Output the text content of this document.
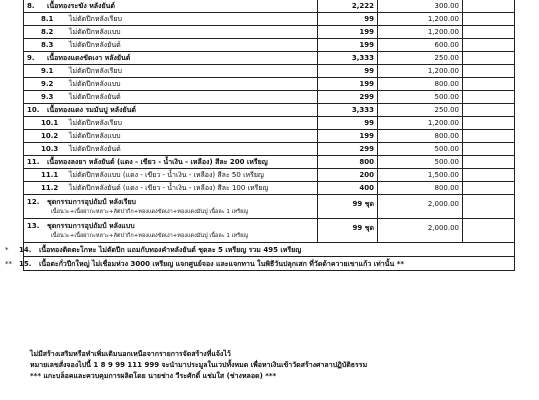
8. เนื้อทองระฆัง หลังยันต์	2,222	300.00	
8.1 ไม่ตัดปีกหลังเรียบ	99	1,200.00	
8.2 ไม่ตัดปีกหลังแบบ	199	1,200.00	
8.3 ไม่ตัดปีกหลังยันต์	199	600.00	
9. เนื้อทองแดงขัดเงา หลังยันต์	3,333	250.00	
9.1 ไม่ตัดปีกหลังเรียบ	99	1,200.00	
9.2 ไม่ตัดปีกหลังแบบ	199	800.00	
9.3 ไม่ตัดปีกหลังยันต์	299	500.00	
10. เนื้อทองแดง รมมันปู หลังยันต์	3,333	250.00	
10.1 ไม่ตัดปีกหลังเรียบ	99	1,200.00	
10.2 ไม่ตัดปีกหลังแบบ	199	800.00	
10.3 ไม่ตัดปีกหลังยันต์	299	500.00	
11. เนื้อทองลงยา หลังยันต์ (แดง - เขียว - น้ำเงิน - เหลือง) สีละ 200 เหรียญ	800	500.00	
11.1 ไม่ตัดปีกหลังแบบ (แดง - เขียว - น้ำเงิน - เหลือง) สีละ 50 เหรียญ	200	1,500.00	
11.2 ไม่ตัดปีกหลังยันต์ (แดง - เขียว - น้ำเงิน - เหลือง) สีละ 100 เหรียญ	400	800.00	
12. ชุดกรรมการอุปถัมป์ หลังเรียบ
เนื้อนวะ+เนื้อผ่ากะหลาะ+ลัตปากีก+ทองแดงขัดเงา+ทองแดงมันปู เนื้อละ 1 เหรียญ	99 ชุด	2,000.00	
13. ชุดกรรมการอุปถัมป์ หลังแบบ
เนื้อนวะ+เนื้อผ่ากะหลาะ+ลัตปากีก+ทองแดงขัดเงา+ทองแดงมันปู เนื้อละ 1 เหรียญ	99 ชุด	2,000.00	
* 14. เนื้อทองติดตะโกหะ ไม่ตัดปีก แถมกับทองคำหลังยันต์ ชุดละ 5 เหรียญ รวม 495 เหรียญ			
** 15. เนื้อตะกั่วปีกใหญ่ ไม่เชื่อมห่วง 3000 เหรียญ แจกศูนย์จอง และแจกทาน ในพิธีวันปลุกเสก ที่วัดด้าควายเขาแก้ว เท่านั้น **			
ไม่มีสร้างเสริมหรือทำเพิ่มเติมนอกเหนือจากรายการจัดสร้างที่แจ้งไว้
หมายเลขสั่งจองไปนี้ 1 8 9 99 111 999 จะนำมาประมูลในเวปทั้งหมด เพื่อหาเงินเข้าวัดสร้างศาลาปฏิบัติธรรม
*** แกะบล็อคและควบคุมการผลิตโดย นายช่าง วีระศักดิ์ แช่มใส (ช่างหลอด) ***
